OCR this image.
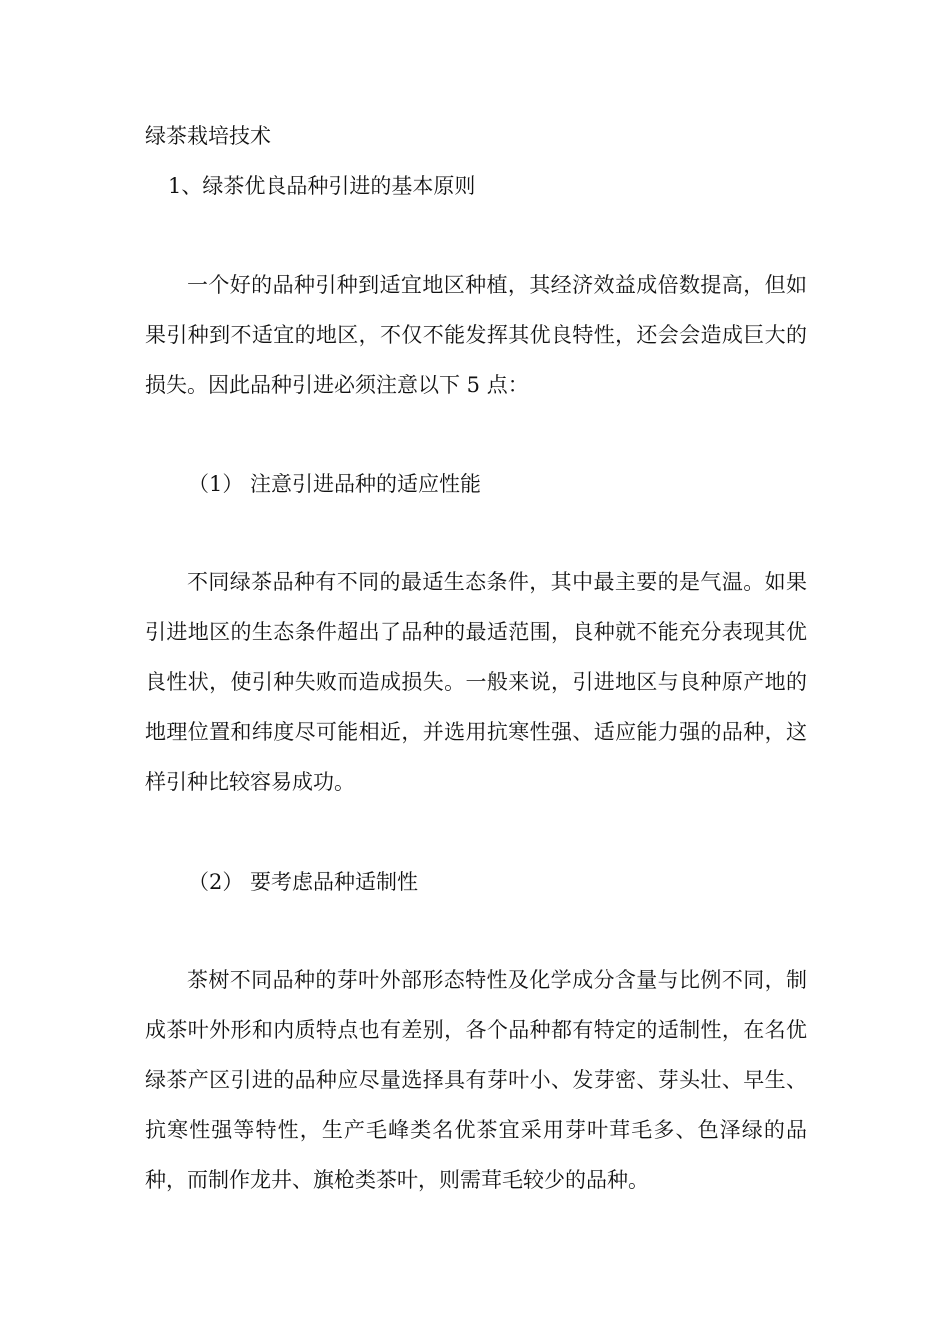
绿茶栽培技术
1、绿茶优良品种引进的基本原则

一个好的品种引种到适宜地区种植，其经济效益成倍数提高，但如果引种到不适宜的地区，不仅不能发挥其优良特性，还会会造成巨大的损失。因此品种引进必须注意以下 5 点：

（1） 注意引进品种的适应性能

不同绿茶品种有不同的最适生态条件，其中最主要的是气温。如果引进地区的生态条件超出了品种的最适范围，良种就不能充分表现其优良性状，使引种失败而造成损失。一般来说，引进地区与良种原产地的地理位置和纬度尽可能相近，并选用抗寒性强、适应能力强的品种，这样引种比较容易成功。

（2） 要考虑品种适制性

茶树不同品种的芽叶外部形态特性及化学成分含量与比例不同，制成茶叶外形和内质特点也有差别，各个品种都有特定的适制性，在名优绿茶产区引进的品种应尽量选择具有芽叶小、发芽密、芽头壮、早生、抗寒性强等特性，生产毛峰类名优茶宜采用芽叶茸毛多、色泽绿的品种，而制作龙井、旗枪类茶叶，则需茸毛较少的品种。
